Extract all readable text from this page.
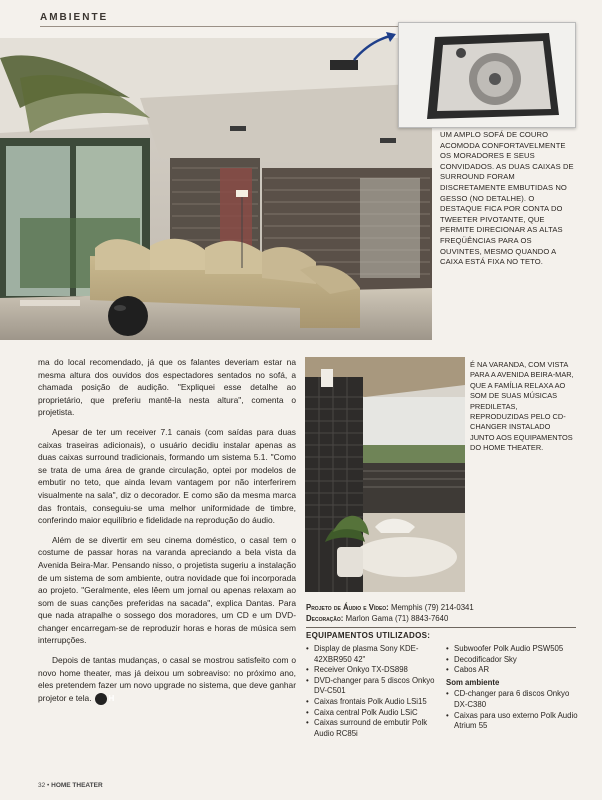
AMBIENTE
UM AMPLO SOFÁ DE COURO ACOMODA CONFORTAVELMENTE OS MORADORES E SEUS CONVIDADOS. AS DUAS CAIXAS DE SURROUND FORAM DISCRETAMENTE EMBUTIDAS NO GESSO (NO DETALHE). O DESTAQUE FICA POR CONTA DO TWEETER PIVOTANTE, QUE PERMITE DIRECIONAR AS ALTAS FREQÜÊNCIAS PARA OS OUVINTES, MESMO QUANDO A CAIXA ESTÁ FIXA NO TETO.

ma do local recomendado, já que os falantes deveriam estar na mesma altura dos ouvidos dos espectadores sentados no sofá, a chamada posição de audição. "Expliquei esse detalhe ao proprietário, que preferiu mantê-la nesta altura", comenta o projetista.

Apesar de ter um receiver 7.1 canais (com saídas para duas caixas traseiras adicionais), o usuário decidiu instalar apenas as duas caixas surround tradicionais, formando um sistema 5.1. "Como se trata de uma área de grande circulação, optei por modelos de embutir no teto, que ainda levam vantagem por não interferirem visualmente na sala", diz o decorador. E como são da mesma marca das frontais, conseguiu-se uma melhor uniformidade de timbre, conferindo maior equilíbrio e fidelidade na reprodução do áudio.

Além de se divertir em seu cinema doméstico, o casal tem o costume de passar horas na varanda apreciando a bela vista da Avenida Beira-Mar. Pensando nisso, o projetista sugeriu a instalação de um sistema de som ambiente, outra novidade que foi incorporada ao projeto. "Geralmente, eles lêem um jornal ou apenas relaxam ao som de suas canções preferidas na sacada", explica Dantas. Para que nada atrapalhe o sossego dos moradores, um CD e um DVD-changer encarregam-se de reproduzir horas e horas de música sem interrupções.

Depois de tantas mudanças, o casal se mostrou satisfeito com o novo home theater, mas já deixou um sobreaviso: no próximo ano, eles pretendem fazer um novo upgrade no sistema, que deve ganhar projetor e tela. H

É NA VARANDA, COM VISTA PARA A AVENIDA BEIRA-MAR, QUE A FAMÍLIA RELAXA AO SOM DE SUAS MÚSICAS PREDILETAS, REPRODUZIDAS PELO CD-CHANGER INSTALADO JUNTO AOS EQUIPAMENTOS DO HOME THEATER.
Projeto de Áudio e Vídeo: Memphis (79) 214-0341
Decoração: Marlon Gama (71) 8843-7640
EQUIPAMENTOS UTILIZADOS:
• Display de plasma Sony KDE-42XBR950 42"
• Receiver Onkyo TX-DS898
• DVD-changer para 5 discos Onkyo DV-C501
• Caixas frontais Polk Audio LSi15
• Caixa central Polk Audio LSiC
• Caixas surround de embutir Polk Audio RC85i
• Subwoofer Polk Audio PSW505
• Decodificador Sky
• Cabos AR
Som ambiente
• CD-changer para 6 discos Onkyo DX-C380
• Caixas para uso externo Polk Audio Atrium 55
32 • HOME THEATER
